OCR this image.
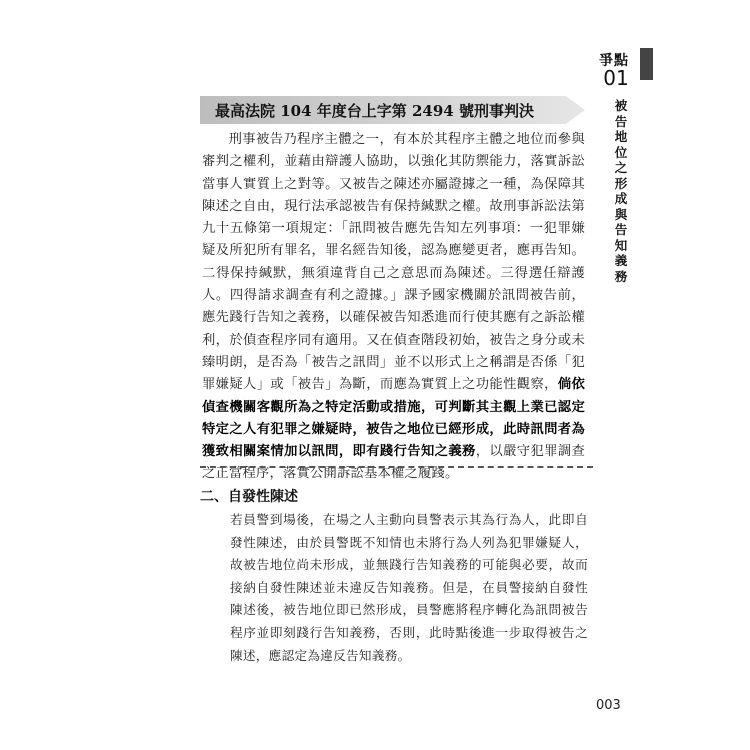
爭點
01
被告地位之形成與告知義務
最高法院 104 年度台上字第 2494 號刑事判決
刑事被告乃程序主體之一，有本於其程序主體之地位而參與審判之權利，並藉由辯護人協助，以強化其防禦能力，落實訴訟當事人實質上之對等。又被告之陳述亦屬證據之一種，為保障其陳述之自由，現行法承認被告有保持緘默之權。故刑事訴訟法第九十五條第一項規定：「訊問被告應先告知左列事項：一犯罪嫌疑及所犯所有罪名，罪名經告知後，認為應變更者，應再告知。二得保持緘默，無須違背自己之意思而為陳述。三得選任辯護人。四得請求調查有利之證據。」課予國家機關於訊問被告前，應先踐行告知之義務，以確保被告知悉進而行使其應有之訴訟權利，於偵查程序同有適用。又在偵查階段初始，被告之身分或未臻明朗，是否為「被告之訊問」並不以形式上之稱謂是否係「犯罪嫌疑人」或「被告」為斷，而應為實質上之功能性觀察，倘依偵查機關客觀所為之特定活動或措施，可判斷其主觀上業已認定特定之人有犯罪之嫌疑時，被告之地位已經形成，此時訊問者為獲致相關案情加以訊問，即有踐行告知之義務，以嚴守犯罪調查之正當程序，落實公開訴訟基本權之履踐。
二、自發性陳述
若員警到場後，在場之人主動向員警表示其為行為人，此即自發性陳述，由於員警既不知情也未將行為人列為犯罪嫌疑人，故被告地位尚未形成，並無踐行告知義務的可能與必要，故而接納自發性陳述並未違反告知義務。但是，在員警接納自發性陳述後，被告地位即已然形成，員警應將程序轉化為訊問被告程序並即刻踐行告知義務，否則，此時點後進一步取得被告之陳述，應認定為違反告知義務。
003
